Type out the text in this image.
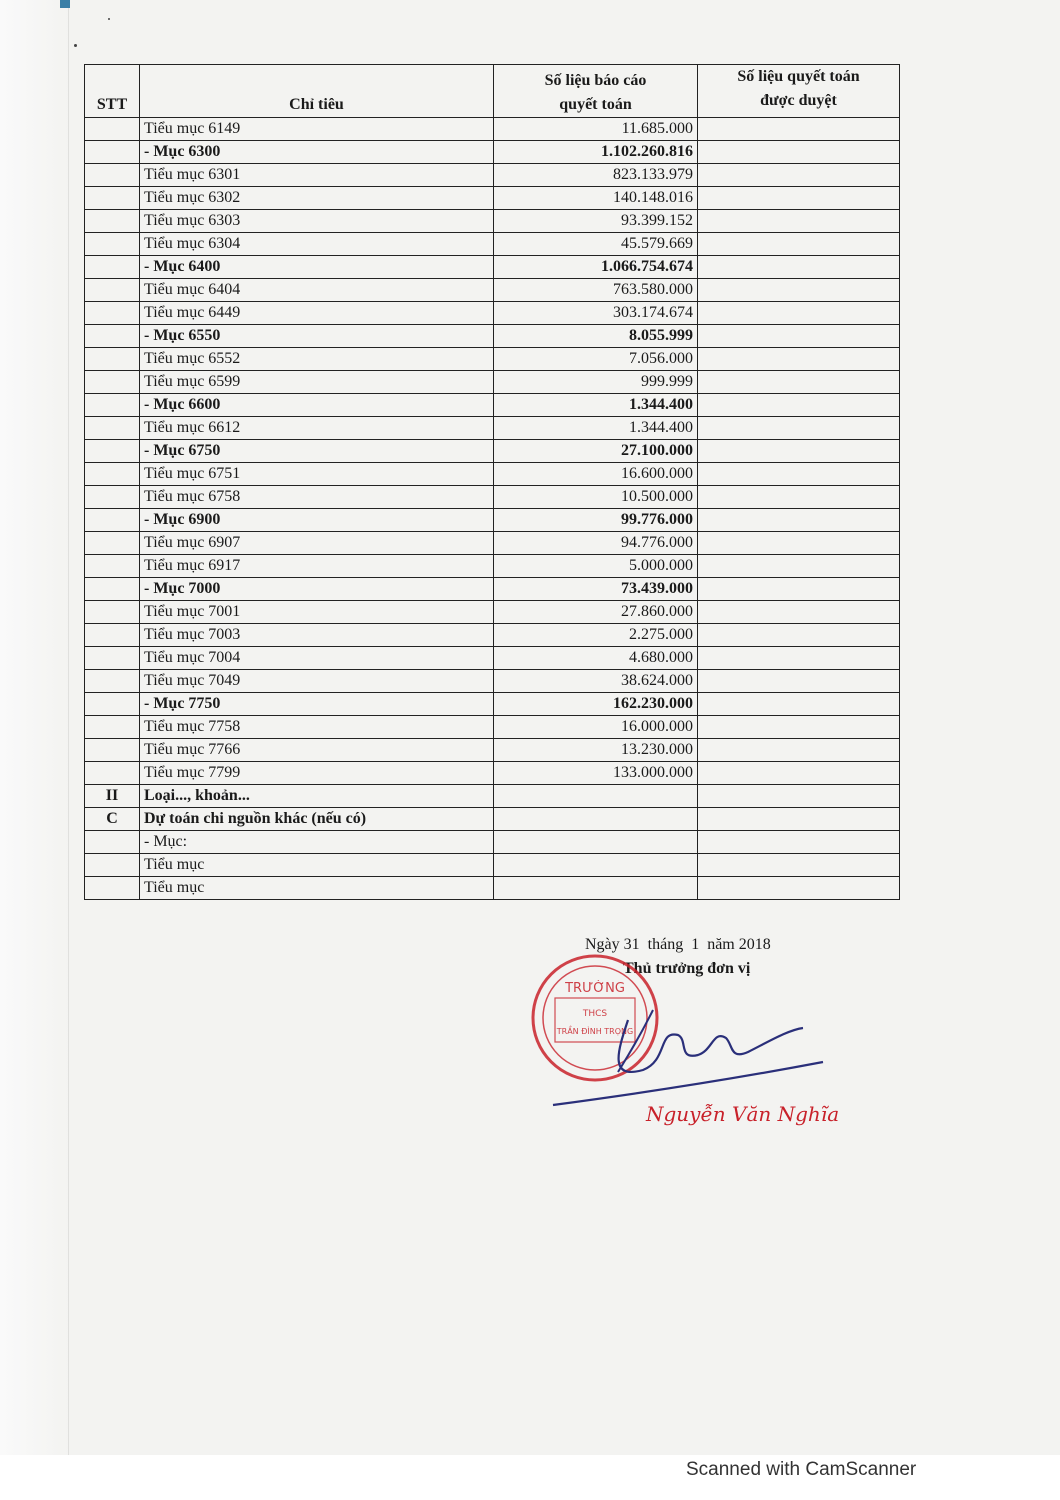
STT	Chỉ tiêu	Số liệu báo cáo quyết toán	Số liệu quyết toán được duyệt
	Tiểu mục 6149	11.685.000	
	- Mục 6300	1.102.260.816	
	Tiểu mục 6301	823.133.979	
	Tiểu mục 6302	140.148.016	
	Tiểu mục 6303	93.399.152	
	Tiểu mục 6304	45.579.669	
	- Mục 6400	1.066.754.674	
	Tiểu mục 6404	763.580.000	
	Tiểu mục 6449	303.174.674	
	- Mục 6550	8.055.999	
	Tiểu mục 6552	7.056.000	
	Tiểu mục 6599	999.999	
	- Mục 6600	1.344.400	
	Tiểu mục 6612	1.344.400	
	- Mục 6750	27.100.000	
	Tiểu mục 6751	16.600.000	
	Tiểu mục 6758	10.500.000	
	- Mục 6900	99.776.000	
	Tiểu mục 6907	94.776.000	
	Tiểu mục 6917	5.000.000	
	- Mục 7000	73.439.000	
	Tiểu mục 7001	27.860.000	
	Tiểu mục 7003	2.275.000	
	Tiểu mục 7004	4.680.000	
	Tiểu mục 7049	38.624.000	
	- Mục 7750	162.230.000	
	Tiểu mục 7758	16.000.000	
	Tiểu mục 7766	13.230.000	
	Tiểu mục 7799	133.000.000	
II	Loại..., khoản...		
C	Dự toán chi nguồn khác (nếu có)		
	- Mục:		
	Tiểu mục		
	Tiểu mục		
Ngày 31  tháng  1  năm 2018
Thủ trưởng đơn vị
TRƯỜNG
THCS
TRẦN ĐÌNH TRỌNG
Nguyễn Văn Nghĩa
Scanned with CamScanner
